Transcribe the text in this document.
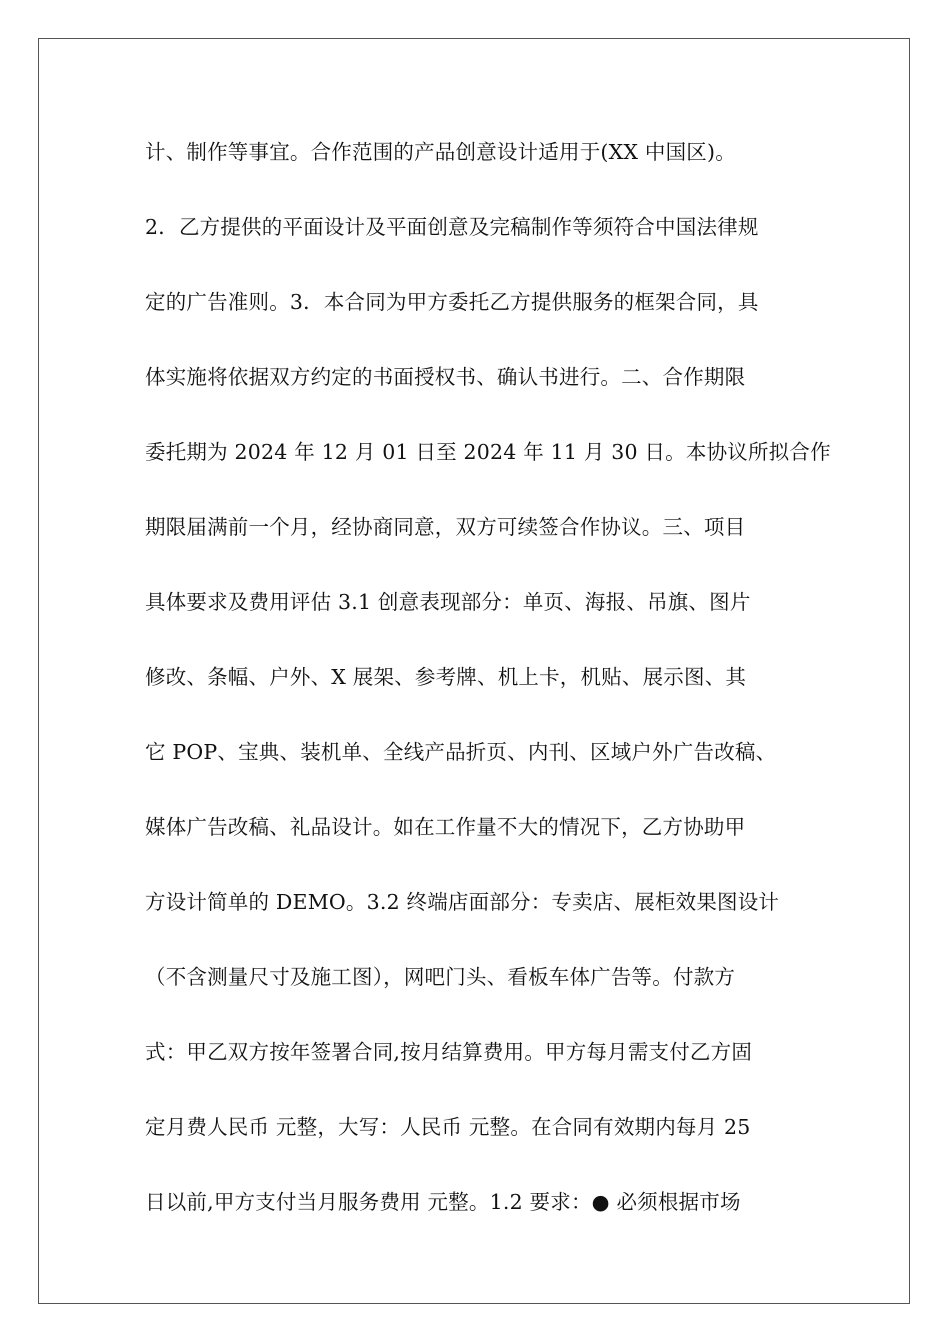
计、制作等事宜。合作范围的产品创意设计适用于(XX 中国区)。
2．乙方提供的平面设计及平面创意及完稿制作等须符合中国法律规
定的广告准则。3．本合同为甲方委托乙方提供服务的框架合同，具
体实施将依据双方约定的书面授权书、确认书进行。二、合作期限
委托期为 2024 年 12 月 01 日至 2024 年 11 月 30 日。本协议所拟合作
期限届满前一个月，经协商同意，双方可续签合作协议。三、项目
具体要求及费用评估 3.1 创意表现部分：单页、海报、吊旗、图片
修改、条幅、户外、X 展架、参考牌、机上卡，机贴、展示图、其
它 POP、宝典、装机单、全线产品折页、内刊、区域户外广告改稿、
媒体广告改稿、礼品设计。如在工作量不大的情况下，乙方协助甲
方设计简单的 DEMO。3.2 终端店面部分：专卖店、展柜效果图设计
（不含测量尺寸及施工图），网吧门头、看板车体广告等。付款方
式：甲乙双方按年签署合同,按月结算费用。甲方每月需支付乙方固
定月费人民币 元整，大写：人民币 元整。在合同有效期内每月 25
日以前,甲方支付当月服务费用 元整。1.2 要求：● 必须根据市场
